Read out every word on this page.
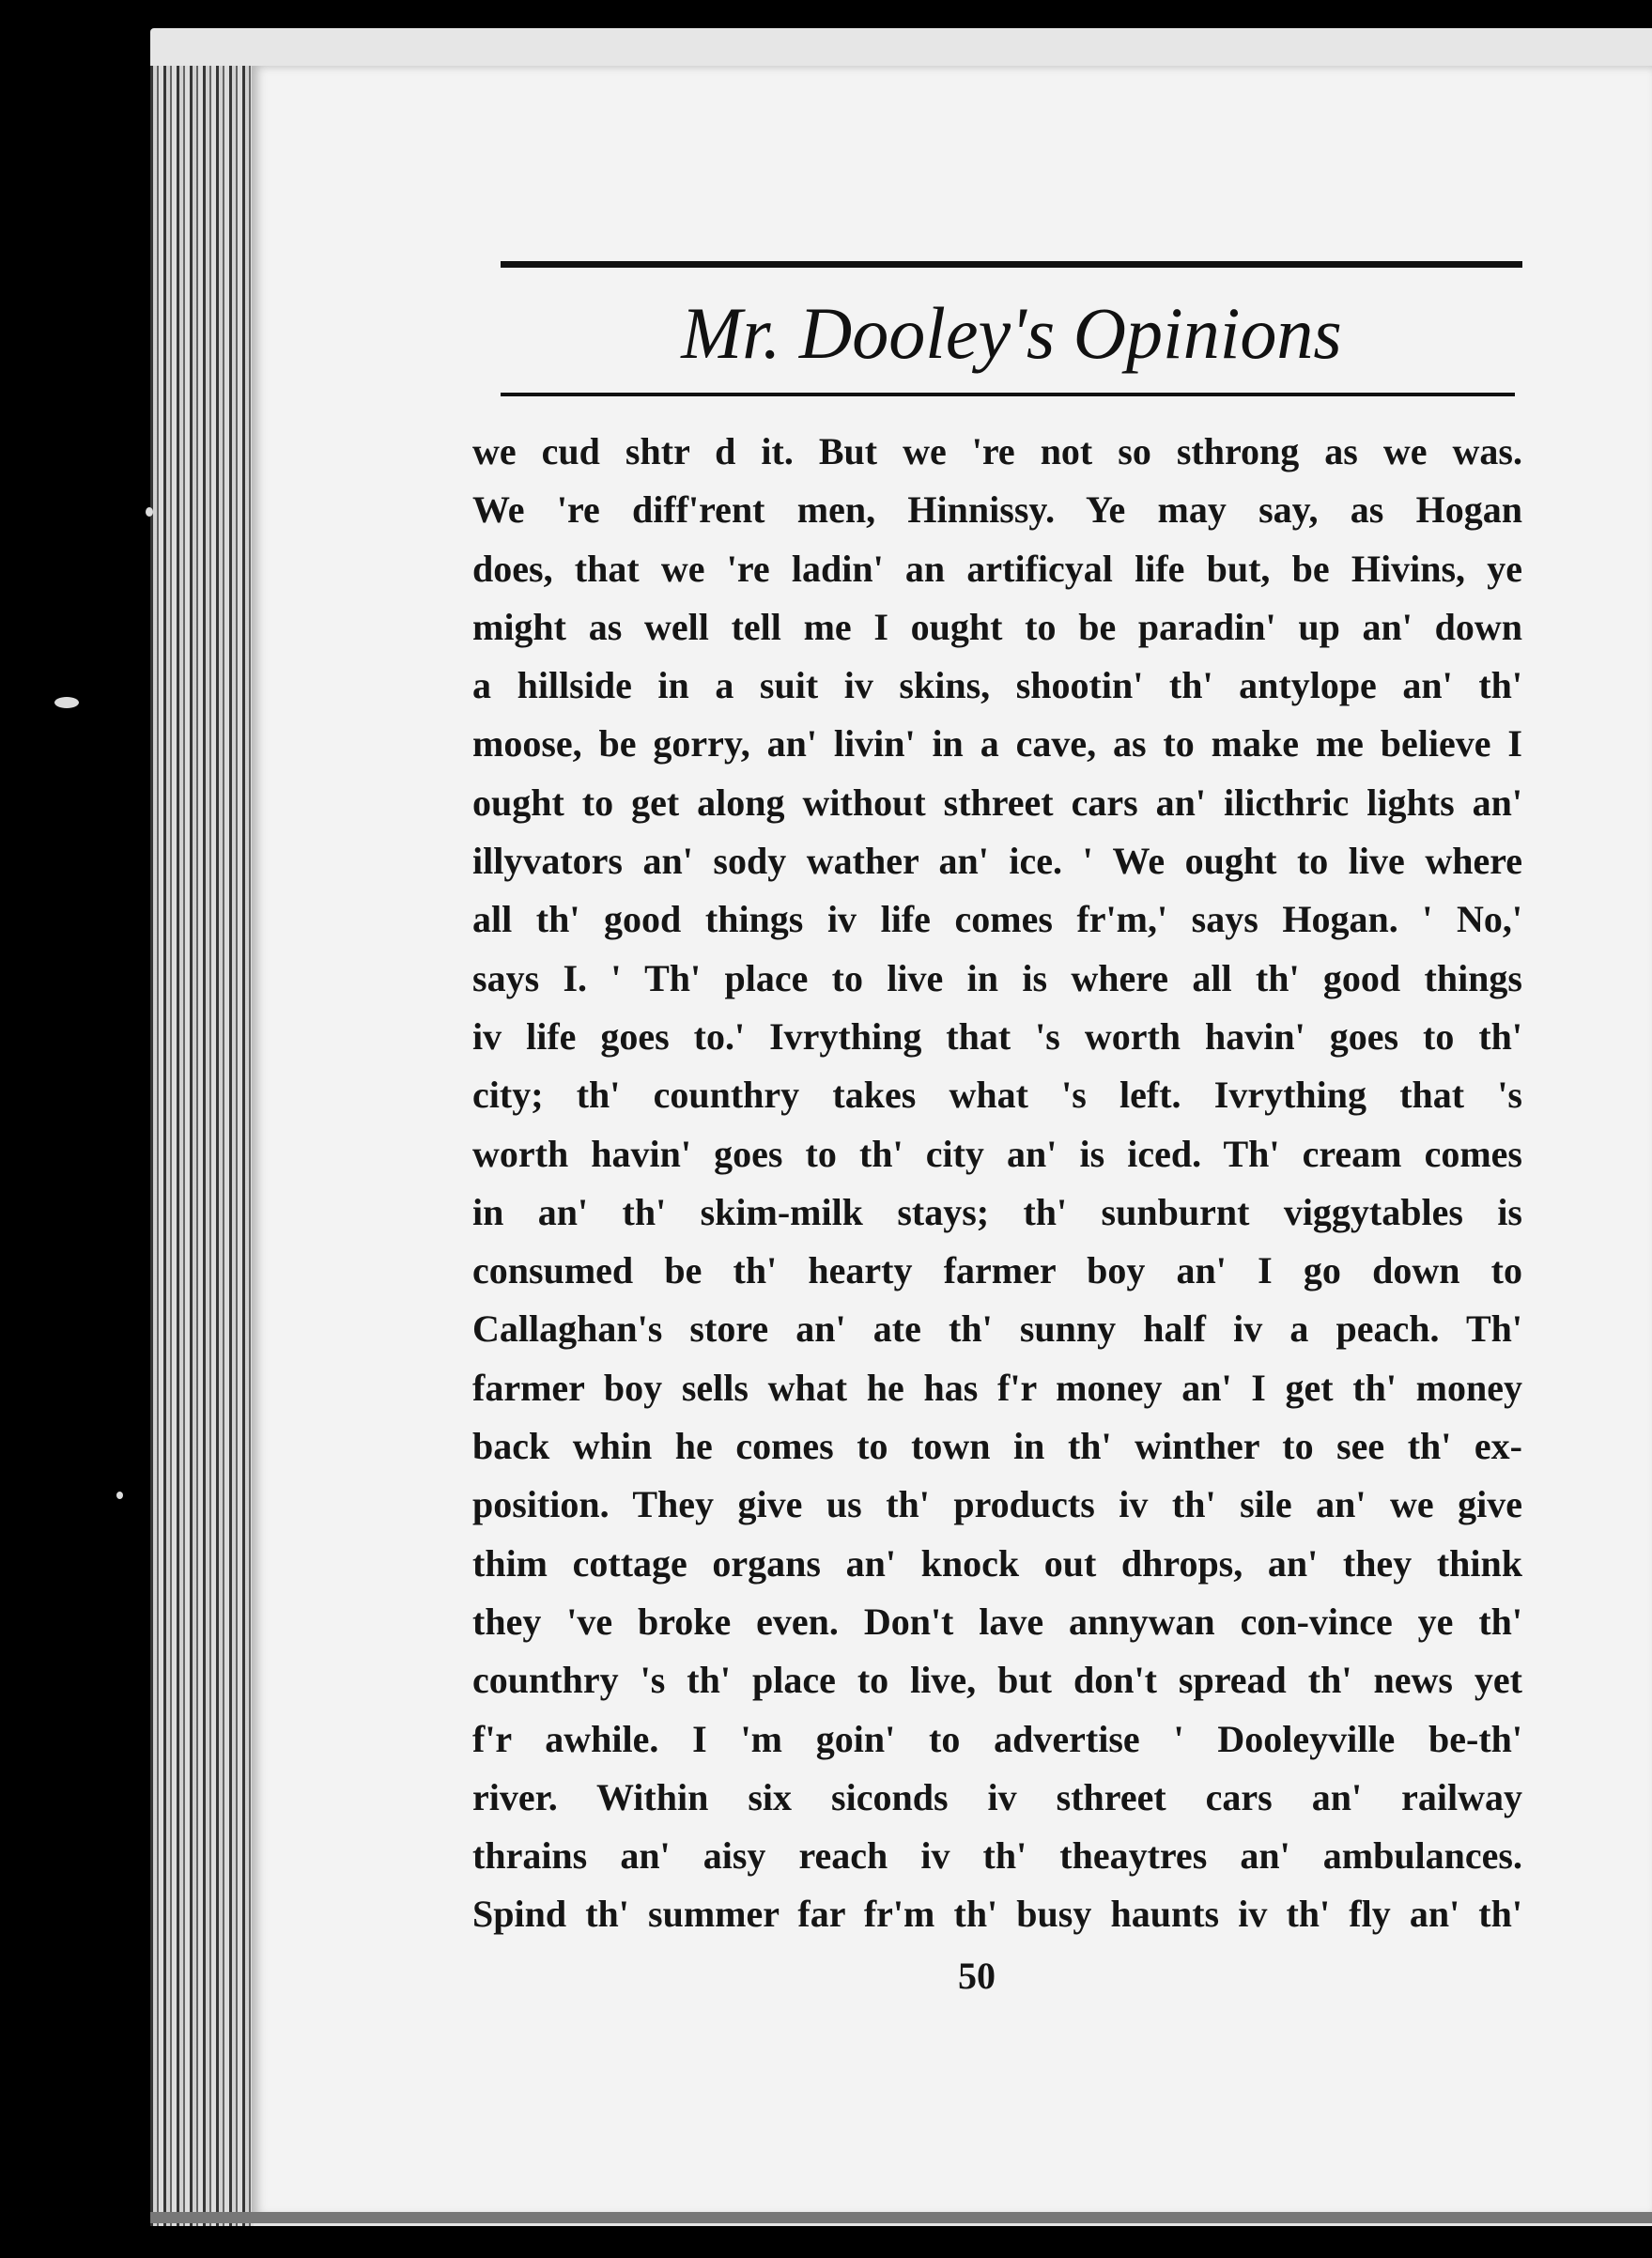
Mr. Dooley's Opinions
we cud shtr d it. But we 're not so sthrong as we was.
We 're diff'rent men, Hinnissy. Ye may say, as Hogan
does, that we 're ladin' an artificyal life but, be Hivins, ye
might as well tell me I ought to be paradin' up an' down
a hillside in a suit iv skins, shootin' th' antylope an' th'
moose, be gorry, an' livin' in a cave, as to make me believe I
ought to get along without sthreet cars an' ilicthric lights an'
illyvators an' sody wather an' ice. ' We ought to live where
all th' good things iv life comes fr'm,' says Hogan. ' No,'
says I. ' Th' place to live in is where all th' good things
iv life goes to.' Ivrything that 's worth havin' goes to th'
city; th' counthry takes what 's left. Ivrything that 's
worth havin' goes to th' city an' is iced. Th' cream comes
in an' th' skim-milk stays; th' sunburnt viggytables is
consumed be th' hearty farmer boy an' I go down to
Callaghan's store an' ate th' sunny half iv a peach. Th'
farmer boy sells what he has f'r money an' I get th' money
back whin he comes to town in th' winther to see th' ex-
position. They give us th' products iv th' sile an' we give
thim cottage organs an' knock out dhrops, an' they think
they 've broke even. Don't lave annywan con-vince ye th'
counthry 's th' place to live, but don't spread th' news yet
f'r awhile. I 'm goin' to advertise ' Dooleyville be-th'
river. Within six siconds iv sthreet cars an' railway
thrains an' aisy reach iv th' theaytres an' ambulances.
Spind th' summer far fr'm th' busy haunts iv th' fly an' th'
50
